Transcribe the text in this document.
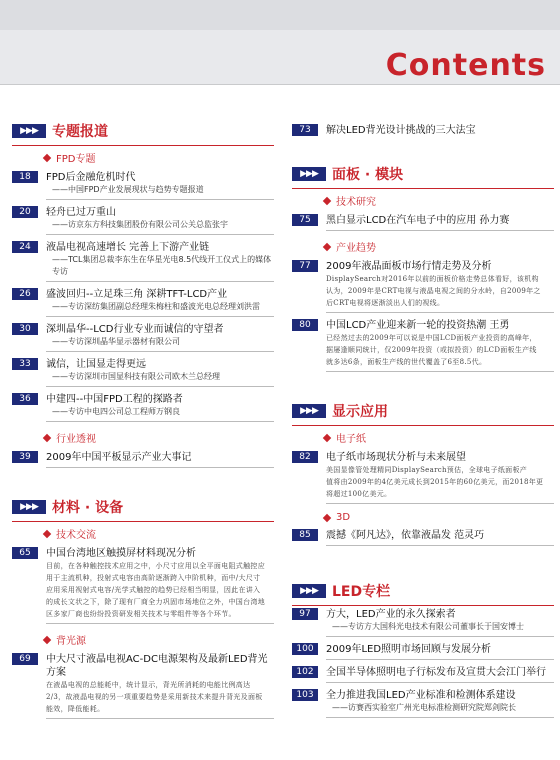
Contents
▶▶▶	专题报道
FPD专题
18	FPD后金融危机时代
——中国FPD产业发展现状与趋势专题报道
20	轻舟已过万重山
——访京东方科技集团股份有限公司公关总监张宇
24	液晶电视高速增长 完善上下游产业链
——TCL集团总裁李东生在华星光电8.5代线开工仪式上的媒体专访
26	盛波回归--立足珠三角 深耕TFT-LCD产业
——专访深纺集团副总经理朱梅柱和盛波光电总经理刘洪雷
30	深圳晶华--LCD行业专业而诚信的守望者
——专访深圳晶华显示器材有限公司
33	诚信，让国显走得更远
——专访深圳市国显科技有限公司欧木兰总经理
36	中建四--中国FPD工程的探路者
——专访中电四公司总工程师万钢良
行业透视
39	2009年中国平板显示产业大事记
▶▶▶	材料 · 设备
技术交流
65	中国台湾地区触摸屏材料现况分析
目前，在各种触控技术应用之中，小尺寸应用以全平面电阻式触控应
用于主流机种，投射式电容由高阶逐渐跨入中阶机种，而中/大尺寸
应用采用视射式电容/光学式触控的趋势已经相当明显，因此在讲入
的成长文状之下，除了现有厂商全力巩固市场地位之外，中国台湾地
区多家厂商也纷纷投资研发相关技术与零组件等各个环节。
背光源
69	中大尺寸液晶电视AC-DC电源架构及最新LED背光方案
在液晶电视的总能耗中，统计显示，背光所消耗的电能比例高达
2/3，故液晶电视的另一项重要趋势是采用新技术来提升背光及面板
能效，降低能耗。
73	解决LED背光设计挑战的三大法宝
▶▶▶	面板 · 模块
技术研究
75	黑白显示LCD在汽车电子中的应用 孙力赛
产业趋势
77	2009年液晶面板市场行情走势及分析
DisplaySearch对2016年以前的面板价格走势总体看好，该机构
认为，2009年是CRT电视与液晶电视之间的分水岭，自2009年之
后CRT电视将逐渐淡出人们的视线。
80	中国LCD产业迎来新一轮的投资热潮 王勇
已经然过去的2009年可以说是中国LCD面板产业投资的高峰年，
据屡逢顺同统计，仅2009年投资（或拟投资）的LCD面板生产线
就多达6条，面板生产线的世代覆盖了6至8.5代。
▶▶▶	显示应用
电子纸
82	电子纸市场现状分析与未来展望
美国显像管处理精同DisplaySearch预估，全球电子纸面板产
值将由2009年的4亿美元成长到2015年的60亿美元，而2018年更
将超过100亿美元。
3D
85	震撼《阿凡达》，依靠液晶发 范灵巧
▶▶▶	LED专栏
97	方大，LED产业的永久探索者
——专访方大国科光电技术有限公司董事长于国安博士
100	2009年LED照明市场回顾与发展分析
102	全国半导体照明电子行标发布及宣贯大会江门举行
103	全力推进我国LED产业标准和检测体系建设
——访赛西实验室广州光电标准检测研究院郑剑院长
